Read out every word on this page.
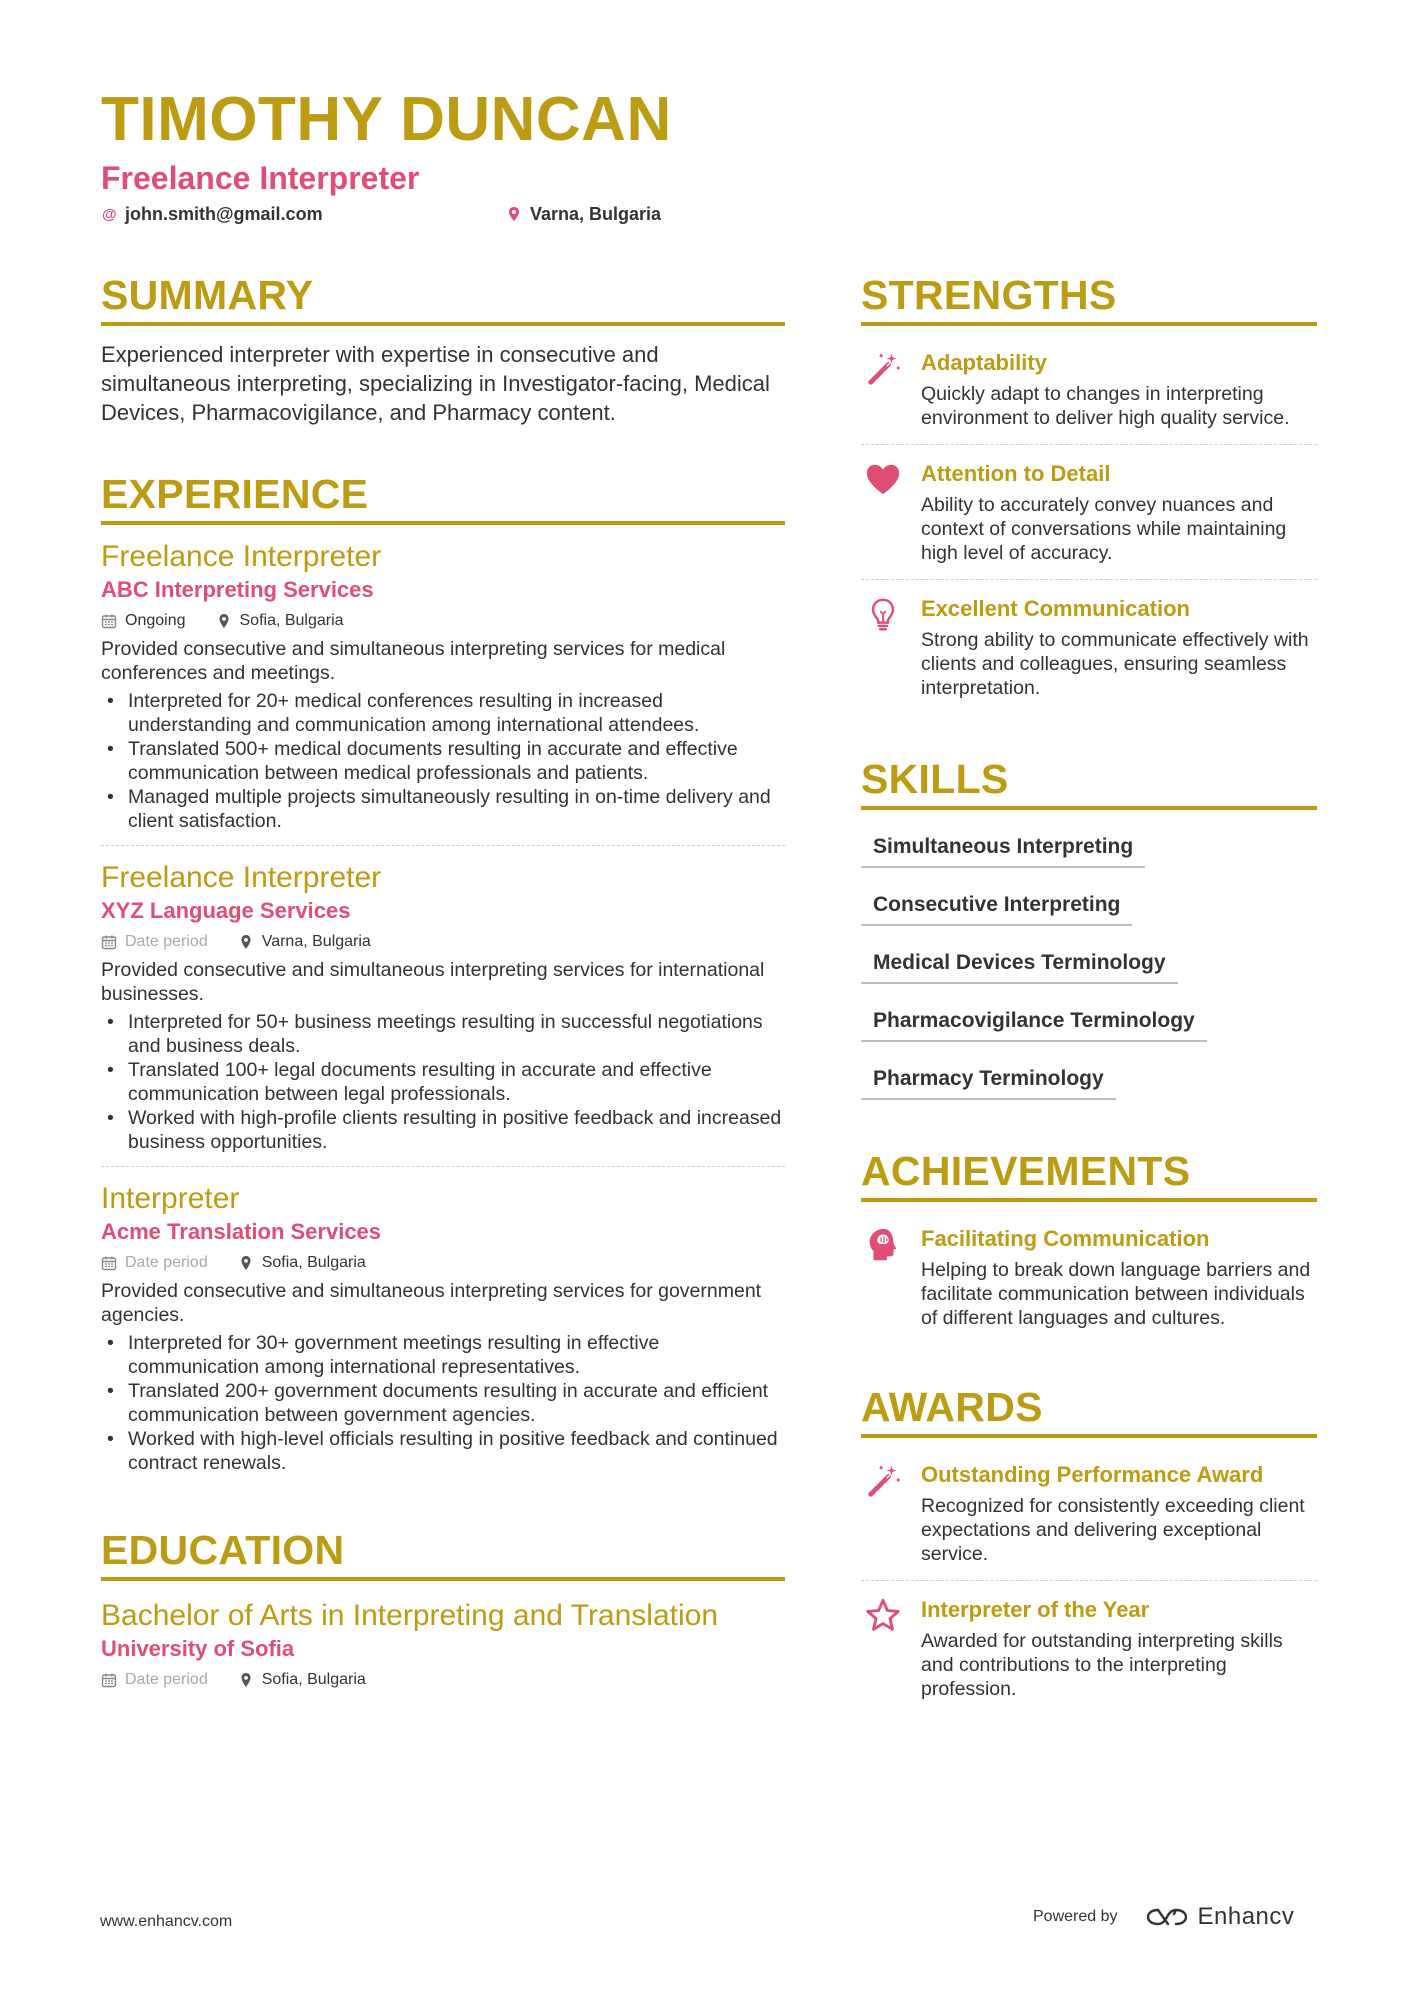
TIMOTHY DUNCAN
Freelance Interpreter
@ john.smith@gmail.com	Varna, Bulgaria
SUMMARY

Experienced interpreter with expertise in consecutive and simultaneous interpreting, specializing in Investigator-facing, Medical Devices, Pharmacovigilance, and Pharmacy content.

EXPERIENCE
Freelance Interpreter
ABC Interpreting Services
Ongoing	Sofia, Bulgaria

Provided consecutive and simultaneous interpreting services for medical conferences and meetings.

• Interpreted for 20+ medical conferences resulting in increased understanding and communication among international attendees.
• Translated 500+ medical documents resulting in accurate and effective communication between medical professionals and patients.
• Managed multiple projects simultaneously resulting in on-time delivery and client satisfaction.
Freelance Interpreter
XYZ Language Services
Date period	Varna, Bulgaria

Provided consecutive and simultaneous interpreting services for international businesses.

• Interpreted for 50+ business meetings resulting in successful negotiations and business deals.
• Translated 100+ legal documents resulting in accurate and effective communication between legal professionals.
• Worked with high-profile clients resulting in positive feedback and increased business opportunities.
Interpreter
Acme Translation Services
Date period	Sofia, Bulgaria

Provided consecutive and simultaneous interpreting services for government agencies.

• Interpreted for 30+ government meetings resulting in effective communication among international representatives.
• Translated 200+ government documents resulting in accurate and efficient communication between government agencies.
• Worked with high-level officials resulting in positive feedback and continued contract renewals.
EDUCATION
Bachelor of Arts in Interpreting and Translation
University of Sofia
Date period	Sofia, Bulgaria
STRENGTHS
Adaptability
Quickly adapt to changes in interpreting environment to deliver high quality service.
Attention to Detail
Ability to accurately convey nuances and context of conversations while maintaining high level of accuracy.
Excellent Communication
Strong ability to communicate effectively with clients and colleagues, ensuring seamless interpretation.
SKILLS
Simultaneous Interpreting
Consecutive Interpreting
Medical Devices Terminology
Pharmacovigilance Terminology
Pharmacy Terminology
ACHIEVEMENTS
Facilitating Communication
Helping to break down language barriers and facilitate communication between individuals of different languages and cultures.
AWARDS
Outstanding Performance Award
Recognized for consistently exceeding client expectations and delivering exceptional service.
Interpreter of the Year
Awarded for outstanding interpreting skills and contributions to the interpreting profession.
www.enhancv.com	Powered by	Enhancv
